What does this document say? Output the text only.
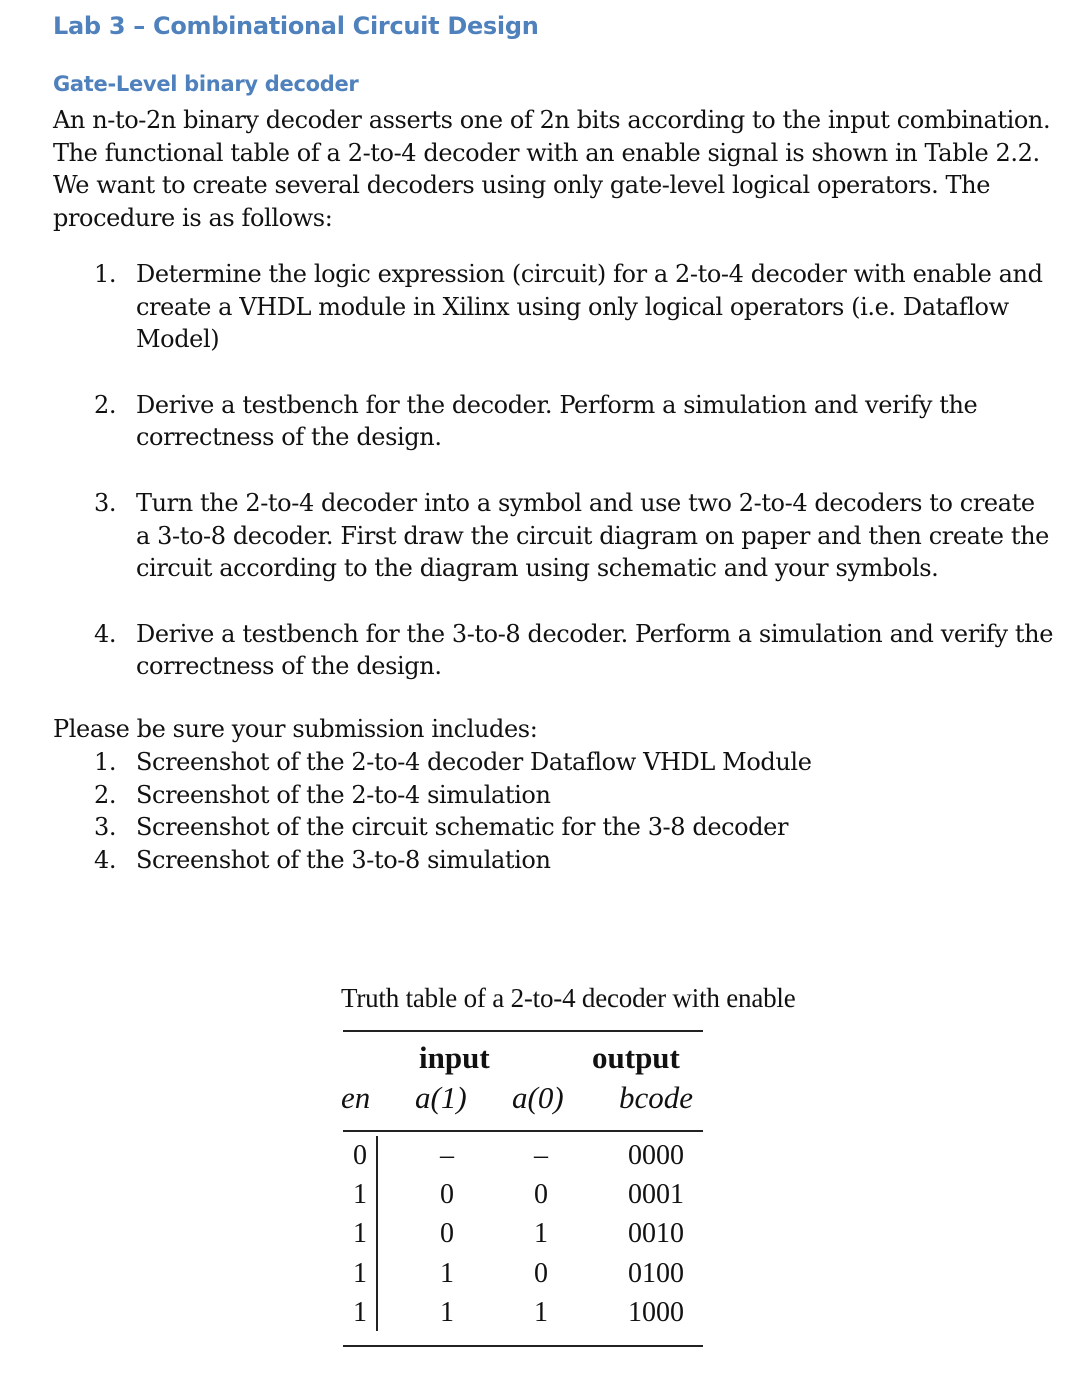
Lab 3 – Combinational Circuit Design
Gate-Level binary decoder
An n-to-2n binary decoder asserts one of 2n bits according to the input combination. The functional table of a 2-to-4 decoder with an enable signal is shown in Table 2.2. We want to create several decoders using only gate-level logical operators. The procedure is as follows:
1. Determine the logic expression (circuit) for a 2-to-4 decoder with enable and create a VHDL module in Xilinx using only logical operators (i.e. Dataflow Model)
2. Derive a testbench for the decoder. Perform a simulation and verify the correctness of the design.
3. Turn the 2-to-4 decoder into a symbol and use two 2-to-4 decoders to create a 3-to-8 decoder. First draw the circuit diagram on paper and then create the circuit according to the diagram using schematic and your symbols.
4. Derive a testbench for the 3-to-8 decoder. Perform a simulation and verify the correctness of the design.
Please be sure your submission includes:
1. Screenshot of the 2-to-4 decoder Dataflow VHDL Module
2. Screenshot of the 2-to-4 simulation
3. Screenshot of the circuit schematic for the 3-8 decoder
4. Screenshot of the 3-to-8 simulation
Truth table of a 2-to-4 decoder with enable
input	output
en a(1) a(0) bcode
0	–	–	0000
1	0	0	0001
1	0	1	0010
1	1	0	0100
1	1	1	1000
